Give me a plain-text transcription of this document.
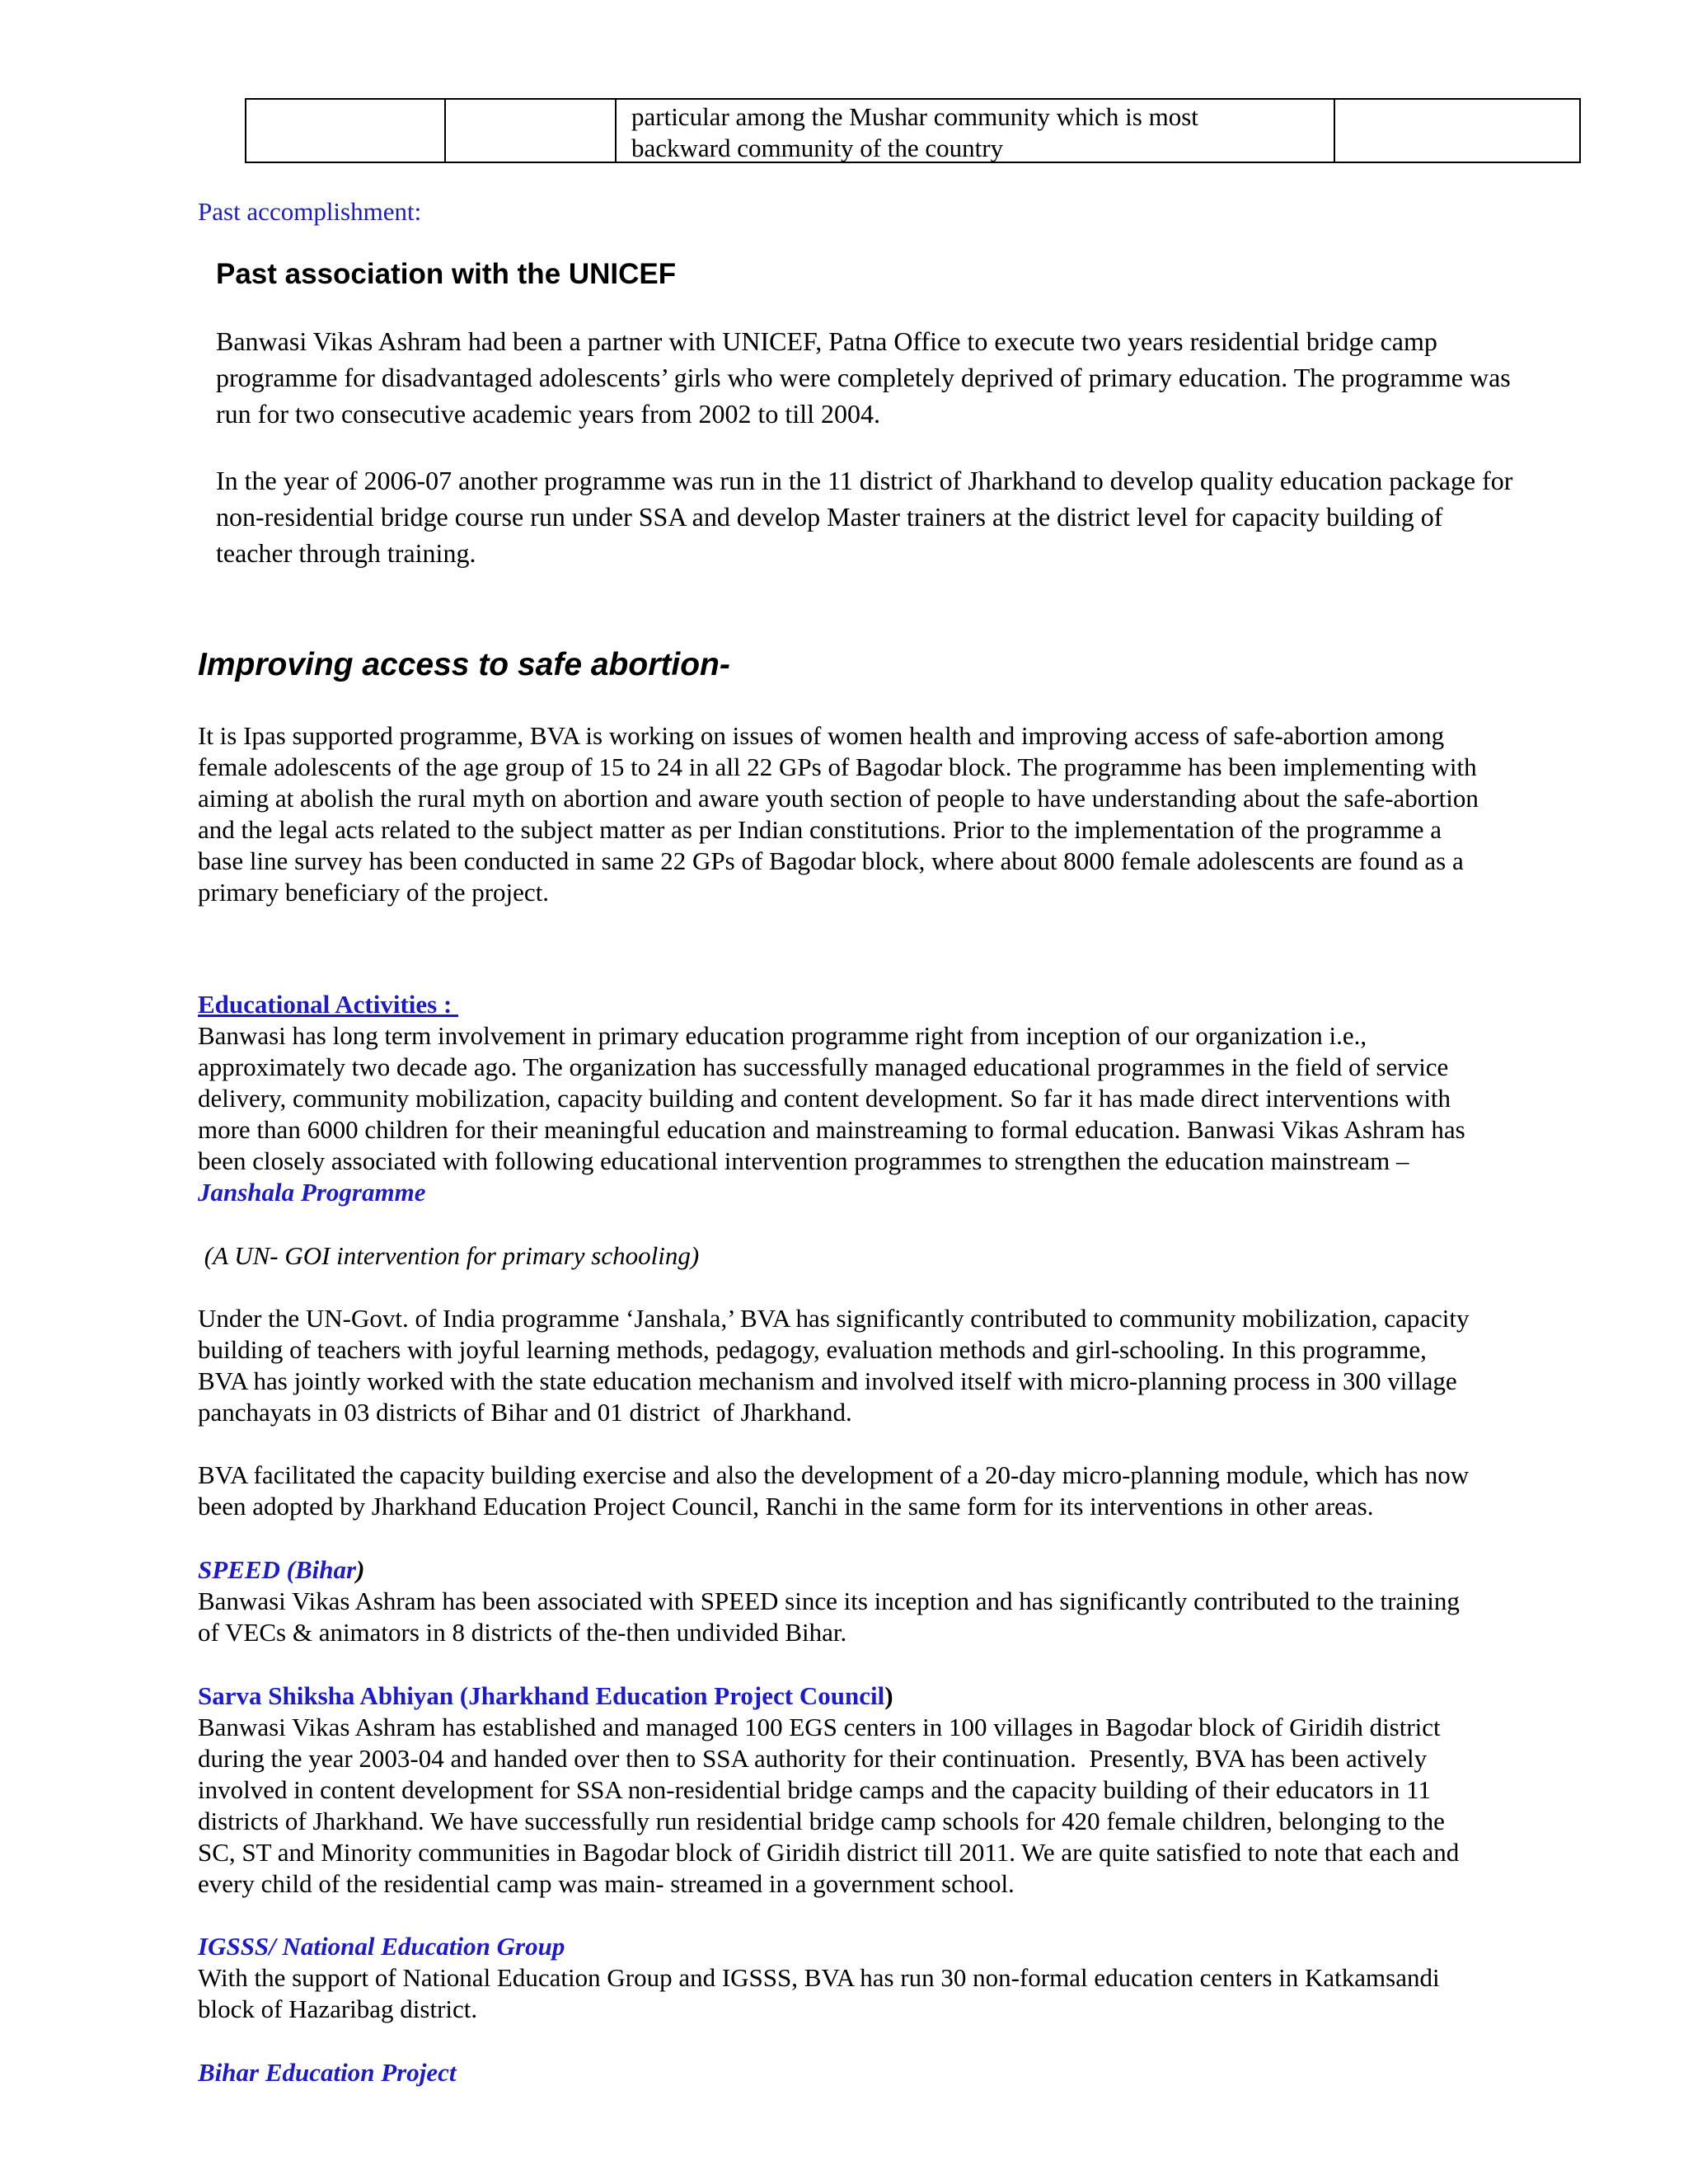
particular among the Mushar community which is most
backward community of the country
Past accomplishment:
Past association with the UNICEF
Banwasi Vikas Ashram had been a partner with UNICEF, Patna Office to execute two years residential bridge camp
programme for disadvantaged adolescents’ girls who were completely deprived of primary education. The programme was
run for two consecutive academic years from 2002 to till 2004.
In the year of 2006-07 another programme was run in the 11 district of Jharkhand to develop quality education package for
non-residential bridge course run under SSA and develop Master trainers at the district level for capacity building of
teacher through training.
Improving access to safe abortion-
It is Ipas supported programme, BVA is working on issues of women health and improving access of safe-abortion among
female adolescents of the age group of 15 to 24 in all 22 GPs of Bagodar block. The programme has been implementing with
aiming at abolish the rural myth on abortion and aware youth section of people to have understanding about the safe-abortion
and the legal acts related to the subject matter as per Indian constitutions. Prior to the implementation of the programme a
base line survey has been conducted in same 22 GPs of Bagodar block, where about 8000 female adolescents are found as a
primary beneficiary of the project.
Educational Activities :
Banwasi has long term involvement in primary education programme right from inception of our organization i.e.,
approximately two decade ago. The organization has successfully managed educational programmes in the field of service
delivery, community mobilization, capacity building and content development. So far it has made direct interventions with
more than 6000 children for their meaningful education and mainstreaming to formal education. Banwasi Vikas Ashram has
been closely associated with following educational intervention programmes to strengthen the education mainstream –
Janshala Programme
(A UN- GOI intervention for primary schooling)
Under the UN-Govt. of India programme ‘Janshala,’ BVA has significantly contributed to community mobilization, capacity
building of teachers with joyful learning methods, pedagogy, evaluation methods and girl-schooling. In this programme,
BVA has jointly worked with the state education mechanism and involved itself with micro-planning process in 300 village
panchayats in 03 districts of Bihar and 01 district  of Jharkhand.
BVA facilitated the capacity building exercise and also the development of a 20-day micro-planning module, which has now
been adopted by Jharkhand Education Project Council, Ranchi in the same form for its interventions in other areas.
SPEED (Bihar)
Banwasi Vikas Ashram has been associated with SPEED since its inception and has significantly contributed to the training
of VECs & animators in 8 districts of the-then undivided Bihar.
Sarva Shiksha Abhiyan (Jharkhand Education Project Council)
Banwasi Vikas Ashram has established and managed 100 EGS centers in 100 villages in Bagodar block of Giridih district
during the year 2003-04 and handed over then to SSA authority for their continuation.  Presently, BVA has been actively
involved in content development for SSA non-residential bridge camps and the capacity building of their educators in 11
districts of Jharkhand. We have successfully run residential bridge camp schools for 420 female children, belonging to the
SC, ST and Minority communities in Bagodar block of Giridih district till 2011. We are quite satisfied to note that each and
every child of the residential camp was main- streamed in a government school.
IGSSS/ National Education Group
With the support of National Education Group and IGSSS, BVA has run 30 non-formal education centers in Katkamsandi
block of Hazaribag district.
Bihar Education Project
